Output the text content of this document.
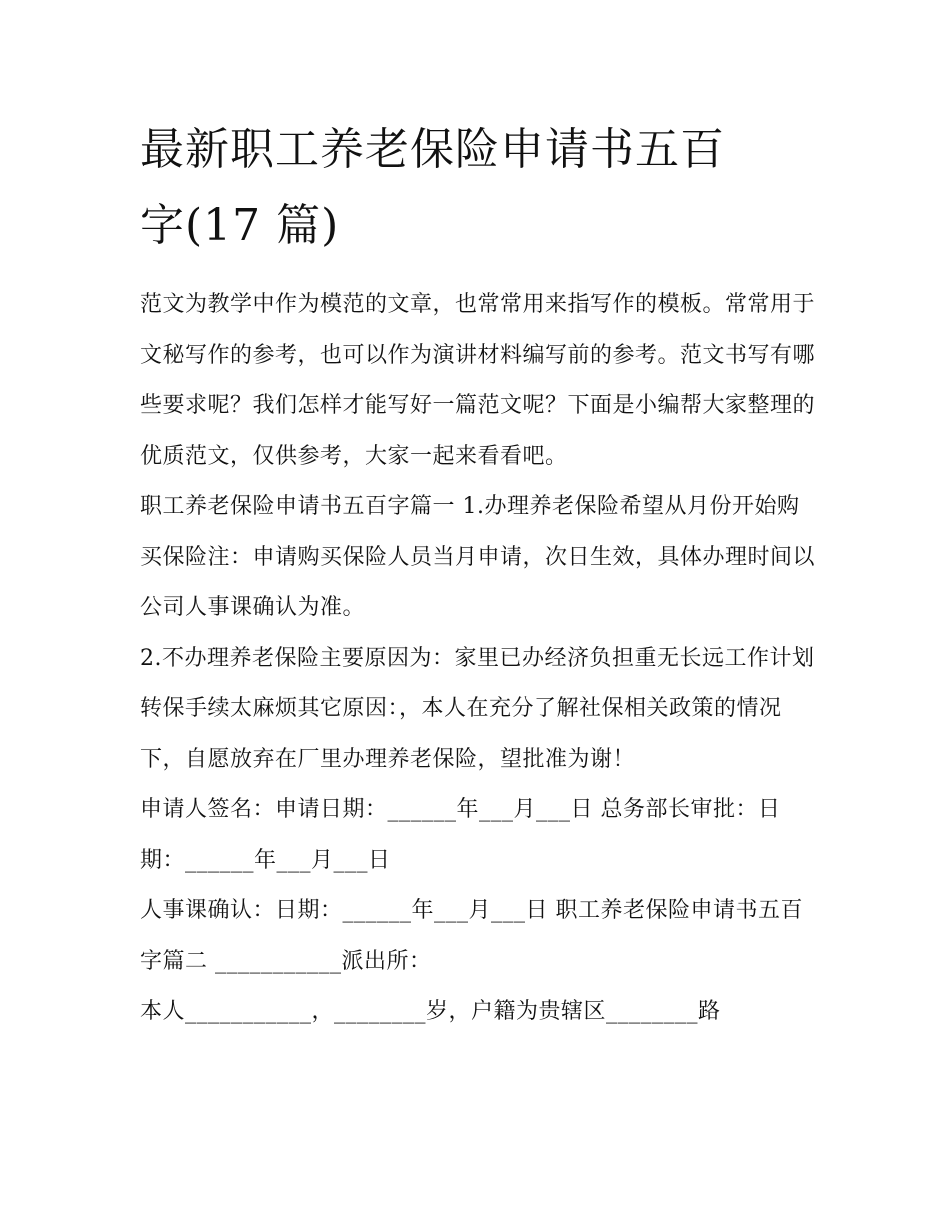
最新职工养老保险申请书五百
字(17 篇)

范文为教学中作为模范的文章，也常常用来指写作的模板。常常用于文秘写作的参考，也可以作为演讲材料编写前的参考。范文书写有哪些要求呢？我们怎样才能写好一篇范文呢？下面是小编帮大家整理的优质范文，仅供参考，大家一起来看看吧。

职工养老保险申请书五百字篇一 1.办理养老保险希望从月份开始购买保险注：申请购买保险人员当月申请，次日生效，具体办理时间以公司人事课确认为准。

2.不办理养老保险主要原因为：家里已办经济负担重无长远工作计划转保手续太麻烦其它原因：，本人在充分了解社保相关政策的情况下，自愿放弃在厂里办理养老保险，望批准为谢！

申请人签名：申请日期：______年___月___日 总务部长审批：日期：______年___月___日

人事课确认：日期：______年___月___日 职工养老保险申请书五百字篇二 ___________派出所：

本人___________，________岁，户籍为贵辖区________路
